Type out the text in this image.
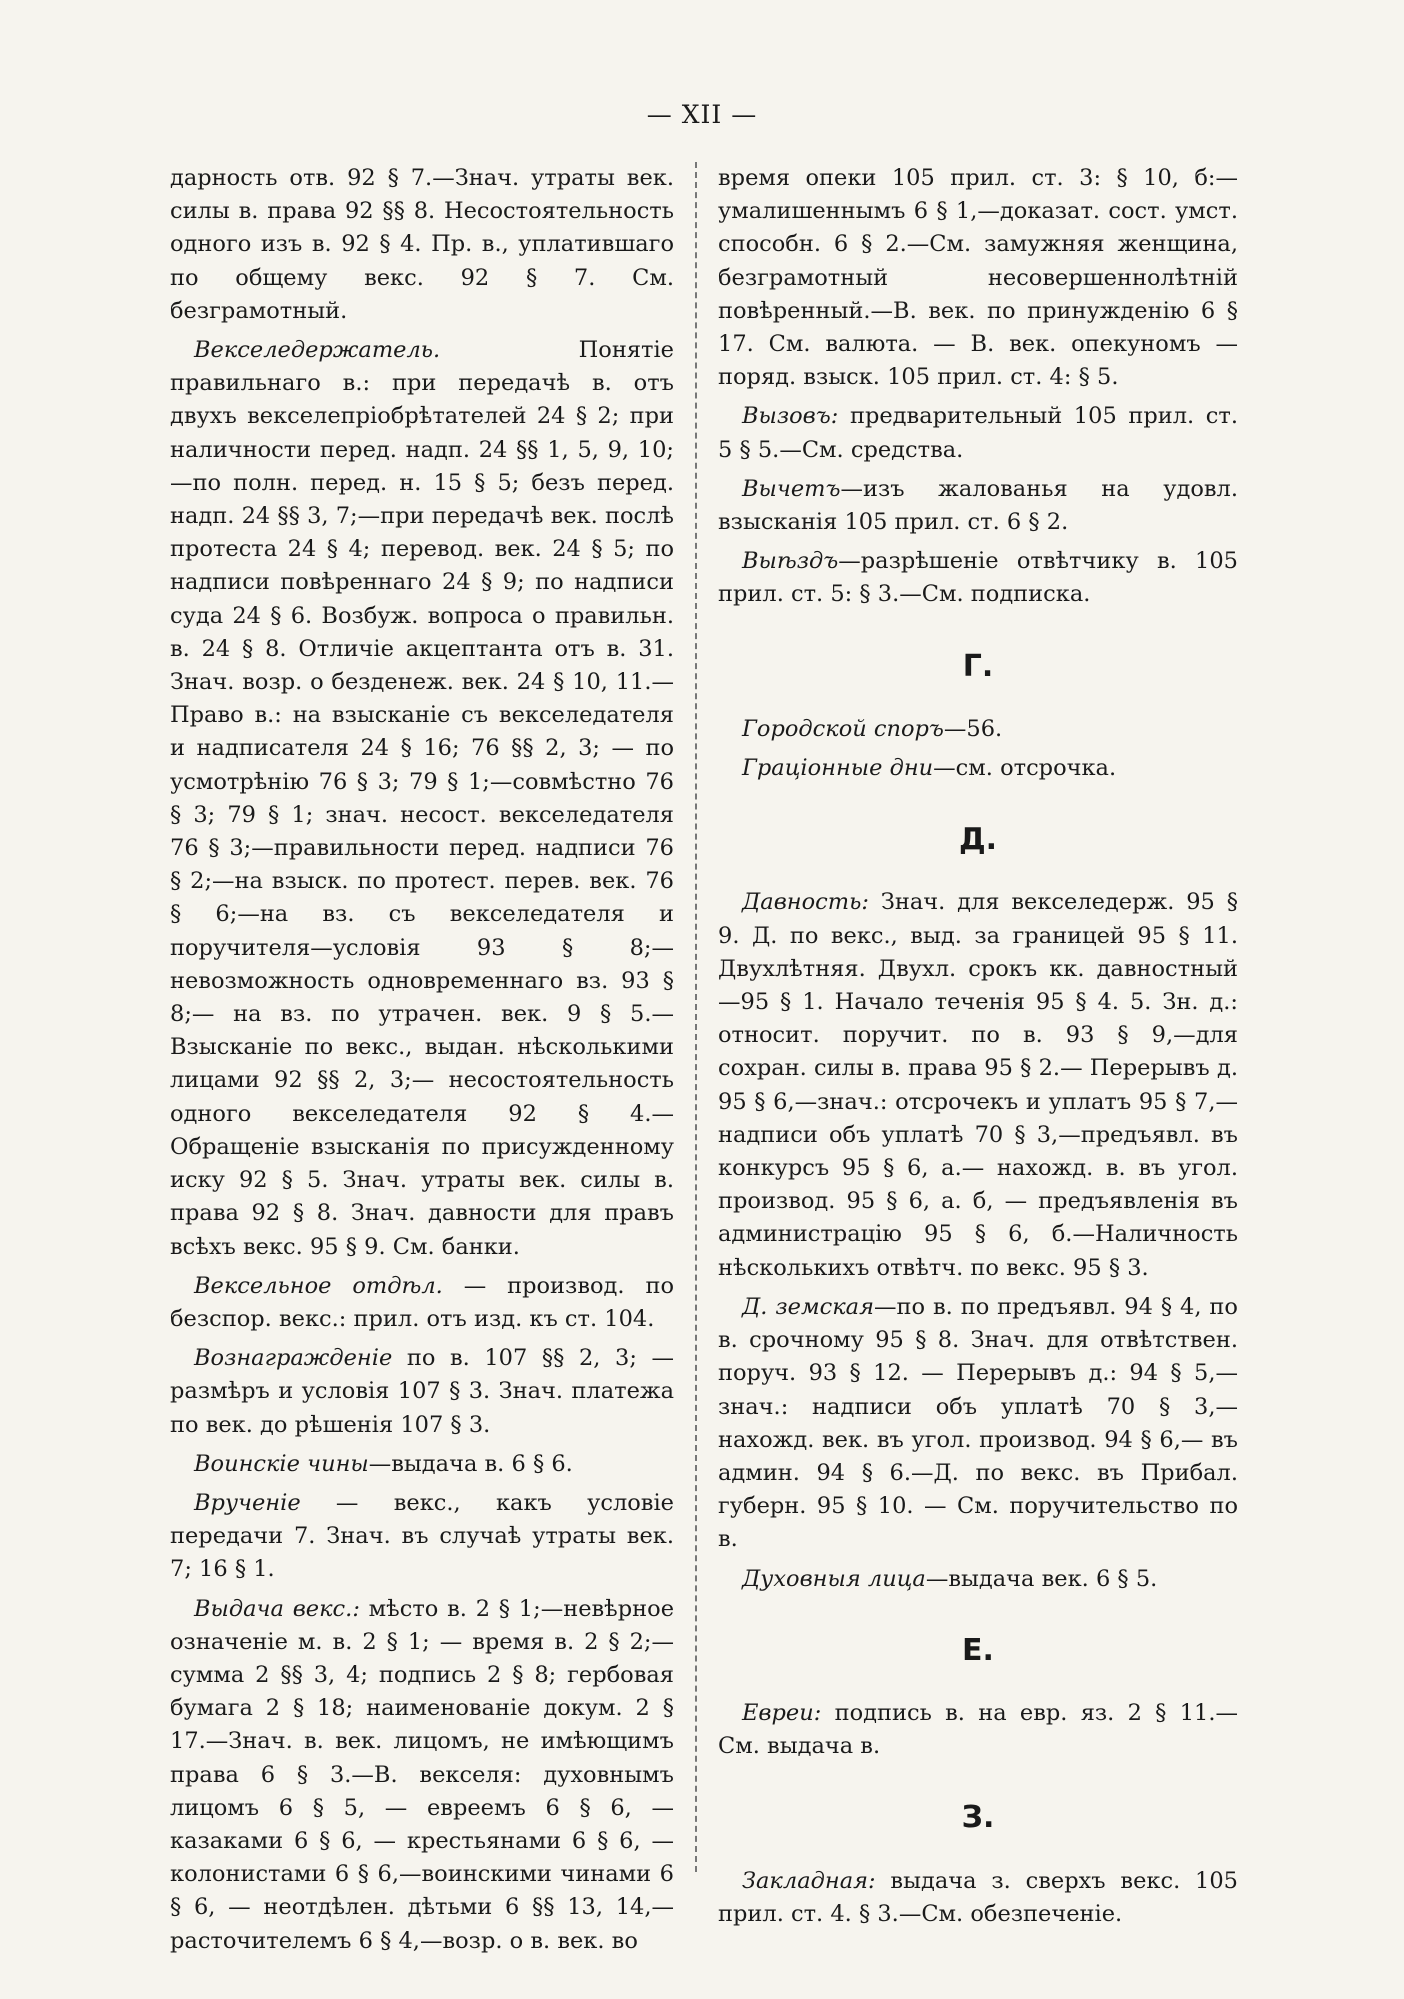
— XII —

дарность отв. 92 § 7.—Знач. утраты век. силы в. права 92 §§ 8. Несостоятельность одного изъ в. 92 § 4. Пр. в., уплатившаго по общему векс. 92 § 7. См. безграмотный.

Векселедержатель. Понятіе правильнаго в.: при передачѣ в. отъ двухъ векселепріобрѣтателей 24 § 2; при наличности перед. надп. 24 §§ 1, 5, 9, 10;—по полн. перед. н. 15 § 5; безъ перед. надп. 24 §§ 3, 7;—при передачѣ век. послѣ протеста 24 § 4; перевод. век. 24 § 5; по надписи повѣреннаго 24 § 9; по надписи суда 24 § 6. Возбуж. вопроса о правильн. в. 24 § 8. Отличіе акцептанта отъ в. 31. Знач. возр. о безденеж. век. 24 § 10, 11.— Право в.: на взысканіе съ векселедателя и надписателя 24 § 16; 76 §§ 2, 3; — по усмотрѣнію 76 § 3; 79 § 1;—совмѣстно 76 § 3; 79 § 1; знач. несост. векселедателя 76 § 3;—правильности перед. надписи 76 § 2;—на взыск. по протест. перев. век. 76 § 6;—на вз. съ векселедателя и поручителя—условія 93 § 8;—невозможность одновременнаго вз. 93 § 8;— на вз. по утрачен. век. 9 § 5.—Взысканіе по векс., выдан. нѣсколькими лицами 92 §§ 2, 3;— несостоятельность одного векселедателя 92 § 4.— Обращеніе взысканія по присужденному иску 92 § 5. Знач. утраты век. силы в. права 92 § 8. Знач. давности для правъ всѣхъ векс. 95 § 9. См. банки.

Вексельное отдѣл. — производ. по безспор. векс.: прил. отъ изд. къ ст. 104.

Вознагражденіе по в. 107 §§ 2, 3; — размѣръ и условія 107 § 3. Знач. платежа по век. до рѣшенія 107 § 3.

Воинскіе чины—выдача в. 6 § 6.

Врученіе — векс., какъ условіе передачи 7. Знач. въ случаѣ утраты век. 7; 16 § 1.

Выдача векс.: мѣсто в. 2 § 1;—невѣрное означеніе м. в. 2 § 1; — время в. 2 § 2;—сумма 2 §§ 3, 4; подпись 2 § 8; гербовая бумага 2 § 18; наименованіе докум. 2 § 17.—Знач. в. век. лицомъ, не имѣющимъ права 6 § 3.—В. векселя: духовнымъ лицомъ 6 § 5, — евреемъ 6 § 6, — казаками 6 § 6, — крестьянами 6 § 6, — колонистами 6 § 6,—воинскими чинами 6 § 6, — неотдѣлен. дѣтьми 6 §§ 13, 14,— расточителемъ 6 § 4,—возр. о в. век. во

время опеки 105 прил. ст. 3: § 10, б:— умалишеннымъ 6 § 1,—доказат. сост. умст. способн. 6 § 2.—См. замужняя женщина, безграмотный несовершеннолѣтній повѣренный.—В. век. по принужденію 6 § 17. См. валюта. — В. век. опекуномъ — поряд. взыск. 105 прил. ст. 4: § 5.

Вызовъ: предварительный 105 прил. ст. 5 § 5.—См. средства.

Вычетъ—изъ жалованья на удовл. взысканія 105 прил. ст. 6 § 2.

Выѣздъ—разрѣшеніе отвѣтчику в. 105 прил. ст. 5: § 3.—См. подписка.

Г.

Городской споръ—56.

Граціонные дни—см. отсрочка.

Д.

Давность: Знач. для векселедерж. 95 § 9. Д. по векс., выд. за границей 95 § 11. Двухлѣтняя. Двухл. срокъ кк. давностный—95 § 1. Начало теченія 95 § 4. 5. Зн. д.: относит. поручит. по в. 93 § 9,—для сохран. силы в. права 95 § 2.— Перерывъ д. 95 § 6,—знач.: отсрочекъ и уплатъ 95 § 7,—надписи объ уплатѣ 70 § 3,—предъявл. въ конкурсъ 95 § 6, а.— нахожд. в. въ угол. производ. 95 § 6, а. б, — предъявленія въ администрацію 95 § 6, б.—Наличность нѣсколькихъ отвѣтч. по векс. 95 § 3.

Д. земская—по в. по предъявл. 94 § 4, по в. срочному 95 § 8. Знач. для отвѣтствен. поруч. 93 § 12. — Перерывъ д.: 94 § 5,—знач.: надписи объ уплатѣ 70 § 3,— нахожд. век. въ угол. производ. 94 § 6,— въ админ. 94 § 6.—Д. по векс. въ Прибал. губерн. 95 § 10. — См. поручительство по в.

Духовныя лица—выдача век. 6 § 5.

Е.

Евреи: подпись в. на евр. яз. 2 § 11.— См. выдача в.

З.

Закладная: выдача з. сверхъ векс. 105 прил. ст. 4. § 3.—См. обезпеченіе.
